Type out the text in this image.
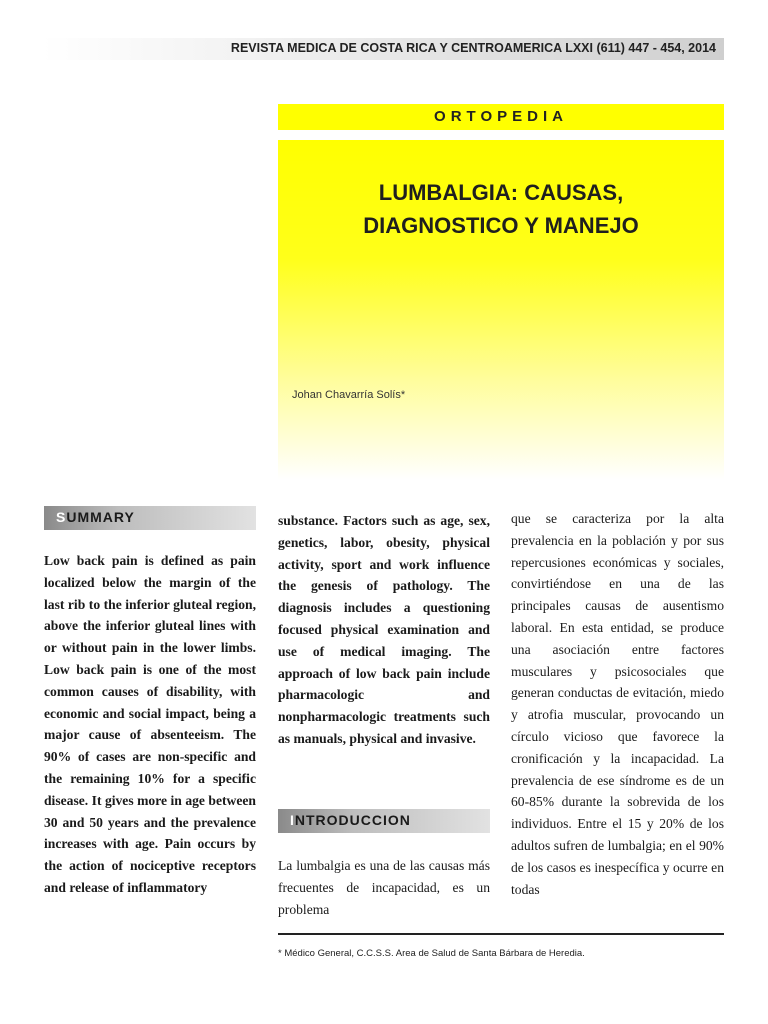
REVISTA MEDICA DE COSTA RICA Y CENTROAMERICA LXXI (611) 447 - 454, 2014
ORTOPEDIA
LUMBALGIA: CAUSAS,
DIAGNOSTICO Y MANEJO
Johan Chavarría Solís*
SUMMARY

Low back pain is defined as pain localized below the margin of the last rib to the inferior gluteal region, above the inferior gluteal lines with or without pain in the lower limbs. Low back pain is one of the most common causes of disability, with economic and social impact, being a major cause of absenteeism. The 90% of cases are non-specific and the remaining 10% for a specific disease. It gives more in age between 30 and 50 years and the prevalence increases with age. Pain occurs by the action of nociceptive receptors and release of inflammatory

substance. Factors such as age, sex, genetics, labor, obesity, physical activity, sport and work influence the genesis of pathology. The diagnosis includes a questioning focused physical examination and use of medical imaging. The approach of low back pain include pharmacologic and nonpharmacologic treatments such as manuals, physical and invasive.

INTRODUCCION

La lumbalgia es una de las causas más frecuentes de incapacidad, es un problema

que se caracteriza por la alta prevalencia en la población y por sus repercusiones económicas y sociales, convirtiéndose en una de las principales causas de ausentismo laboral. En esta entidad, se produce una asociación entre factores musculares y psicosociales que generan conductas de evitación, miedo y atrofia muscular, provocando un círculo vicioso que favorece la cronificación y la incapacidad. La prevalencia de ese síndrome es de un 60-85% durante la sobrevida de los individuos. Entre el 15 y 20% de los adultos sufren de lumbalgia; en el 90% de los casos es inespecífica y ocurre en todas

* Médico General, C.C.S.S. Area de Salud de Santa Bárbara de Heredia.
